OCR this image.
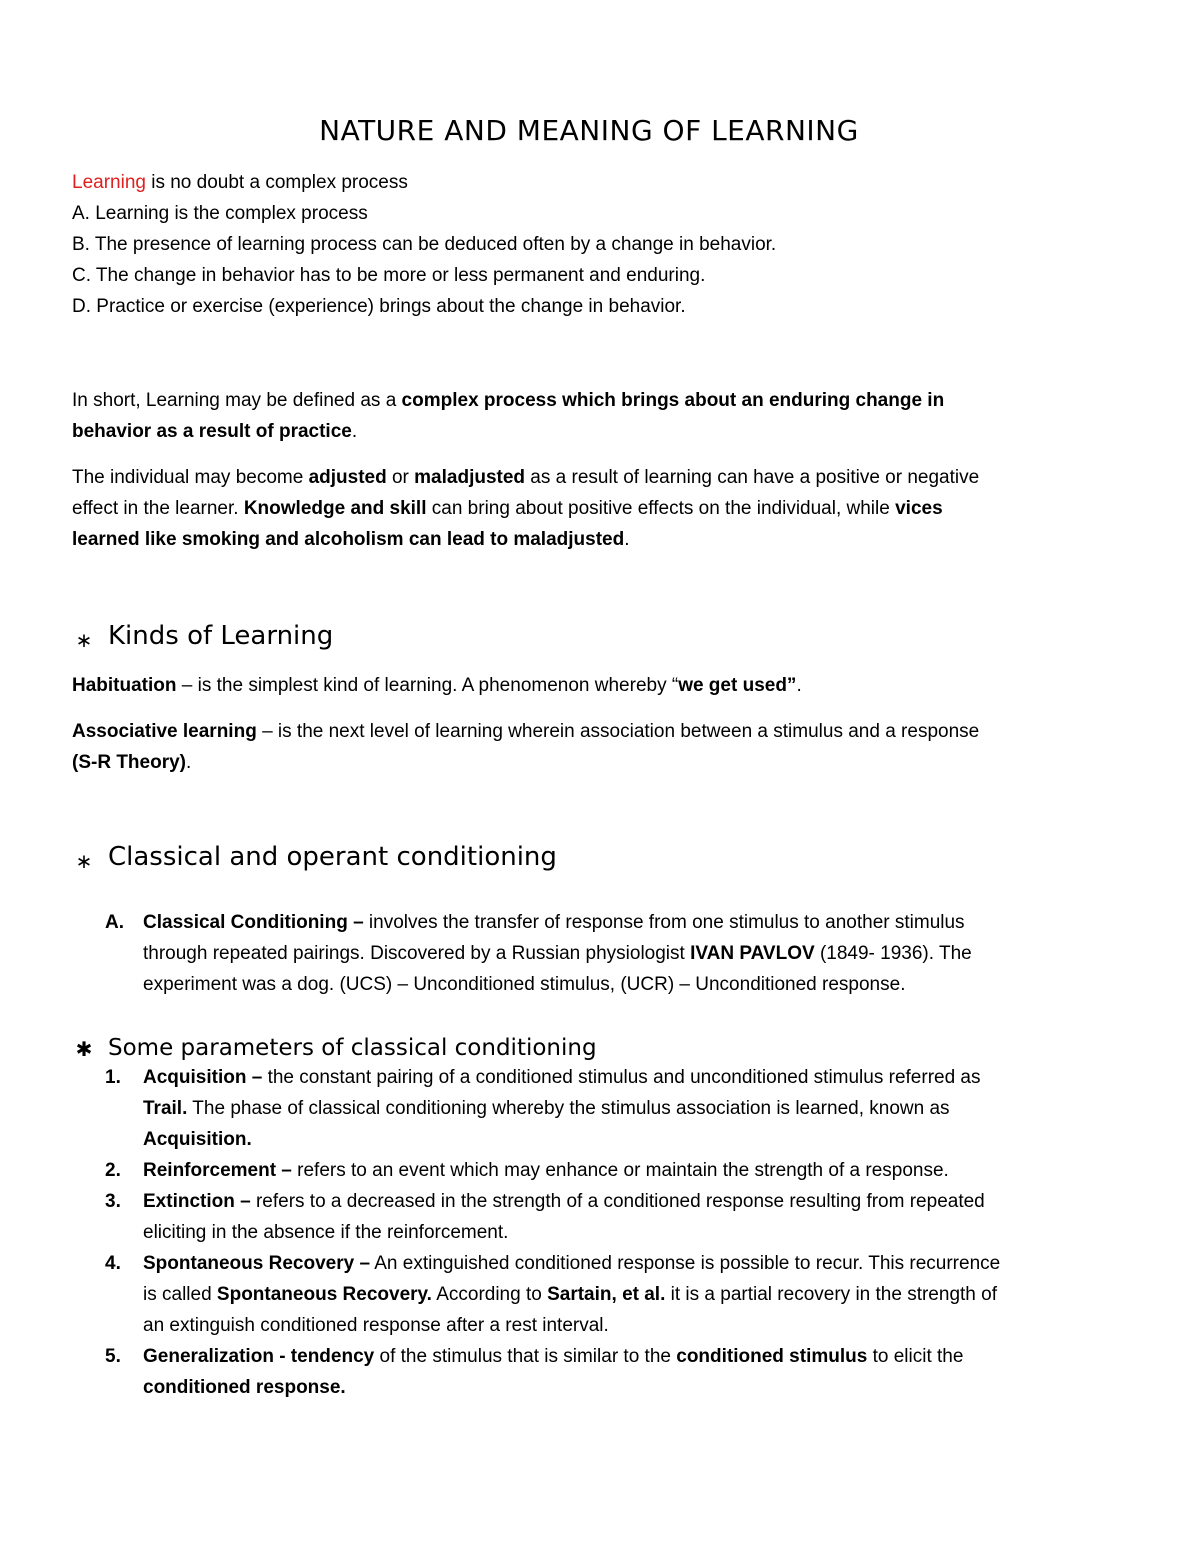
NATURE AND MEANING OF LEARNING
Learning is no doubt a complex process
A. Learning is the complex process
B. The presence of learning process can be deduced often by a change in behavior.
C. The change in behavior has to be more or less permanent and enduring.
D. Practice or exercise (experience) brings about the change in behavior.
In short, Learning may be defined as a complex process which brings about an enduring change in
behavior as a result of practice.
The individual may become adjusted or maladjusted as a result of learning can have a positive or negative
effect in the learner. Knowledge and skill can bring about positive effects on the individual, while vices
learned like smoking and alcoholism can lead to maladjusted.
∗ Kinds of Learning
Habituation – is the simplest kind of learning. A phenomenon whereby “we get used”.
Associative learning – is the next level of learning wherein association between a stimulus and a response
(S-R Theory).
∗ Classical and operant conditioning
A. Classical Conditioning – involves the transfer of response from one stimulus to another stimulus
through repeated pairings. Discovered by a Russian physiologist IVAN PAVLOV (1849- 1936). The
experiment was a dog. (UCS) – Unconditioned stimulus, (UCR) – Unconditioned response.
✱ Some parameters of classical conditioning
1. Acquisition – the constant pairing of a conditioned stimulus and unconditioned stimulus referred as
Trail. The phase of classical conditioning whereby the stimulus association is learned, known as
Acquisition.
2. Reinforcement – refers to an event which may enhance or maintain the strength of a response.
3. Extinction – refers to a decreased in the strength of a conditioned response resulting from repeated
eliciting in the absence if the reinforcement.
4. Spontaneous Recovery – An extinguished conditioned response is possible to recur. This recurrence
is called Spontaneous Recovery. According to Sartain, et al. it is a partial recovery in the strength of
an extinguish conditioned response after a rest interval.
5. Generalization - tendency of the stimulus that is similar to the conditioned stimulus to elicit the
conditioned response.
